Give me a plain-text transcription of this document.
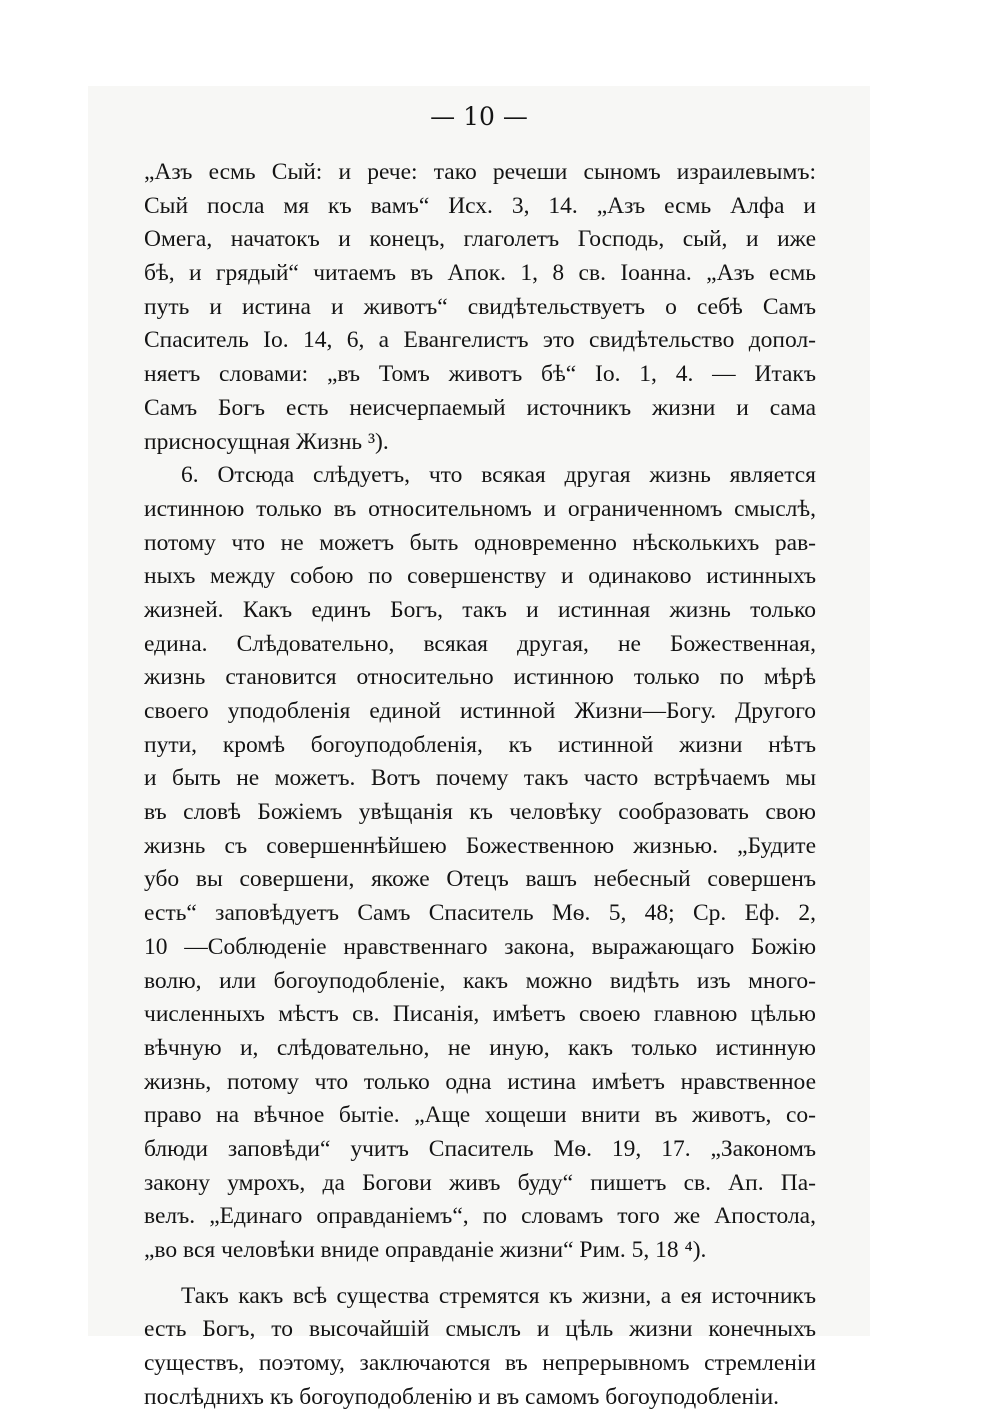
— 10 —
„Азъ есмь Сый: и рече: тако речеши сыномъ израилевымъ:
Сый посла мя къ вамъ“ Исх. 3, 14. „Азъ есмь Алфа и
Омега, начатокъ и конецъ, глаголетъ Господь, сый, и иже
бѣ, и грядый“ читаемъ въ Апок. 1, 8 св. Іоанна. „Азъ есмь
путь и истина и животъ“ свидѣтельствуетъ о себѣ Самъ
Спаситель Іо. 14, 6, а Евангелистъ это свидѣтельство допол-
няетъ словами: „въ Томъ животъ бѣ“ Іо. 1, 4. — Итакъ
Самъ Богъ есть неисчерпаемый источникъ жизни и сама
присносущная Жизнь ³).
6. Отсюда слѣдуетъ, что всякая другая жизнь является
истинною только въ относительномъ и ограниченномъ смыслѣ,
потому что не можетъ быть одновременно нѣсколькихъ рав-
ныхъ между собою по совершенству и одинаково истинныхъ
жизней. Какъ единъ Богъ, такъ и истинная жизнь только
едина. Слѣдовательно, всякая другая, не Божественная,
жизнь становится относительно истинною только по мѣрѣ
своего уподобленія единой истинной Жизни—Богу. Другого
пути, кромѣ богоуподобленія, къ истинной жизни нѣтъ
и быть не можетъ. Вотъ почему такъ часто встрѣчаемъ мы
въ словѣ Божіемъ увѣщанія къ человѣку сообразовать свою
жизнь съ совершеннѣйшею Божественною жизнью. „Будите
убо вы совершени, якоже Отецъ вашъ небесный совершенъ
есть“ заповѣдуетъ Самъ Спаситель Мѳ. 5, 48; Ср. Еф. 2,
10 —Соблюденіе нравственнаго закона, выражающаго Божію
волю, или богоуподобленіе, какъ можно видѣть изъ много-
численныхъ мѣстъ св. Писанія, имѣетъ своею главною цѣлью
вѣчную и, слѣдовательно, не иную, какъ только истинную
жизнь, потому что только одна истина имѣетъ нравственное
право на вѣчное бытіе. „Аще хощеши внити въ животъ, со-
блюди заповѣди“ учитъ Спаситель Мѳ. 19, 17. „Закономъ
закону умрохъ, да Богови живъ буду“ пишетъ св. Ап. Па-
велъ. „Единаго оправданіемъ“, по словамъ того же Апостола,
„во вся человѣки вниде оправданіе жизни“ Рим. 5, 18 ⁴).
Такъ какъ всѣ существа стремятся къ жизни, а ея источникъ
есть Богъ, то высочайшій смыслъ и цѣль жизни конечныхъ
существъ, поэтому, заключаются въ непрерывномъ стремленіи
послѣднихъ къ богоуподобленію и въ самомъ богоуподобленіи.
